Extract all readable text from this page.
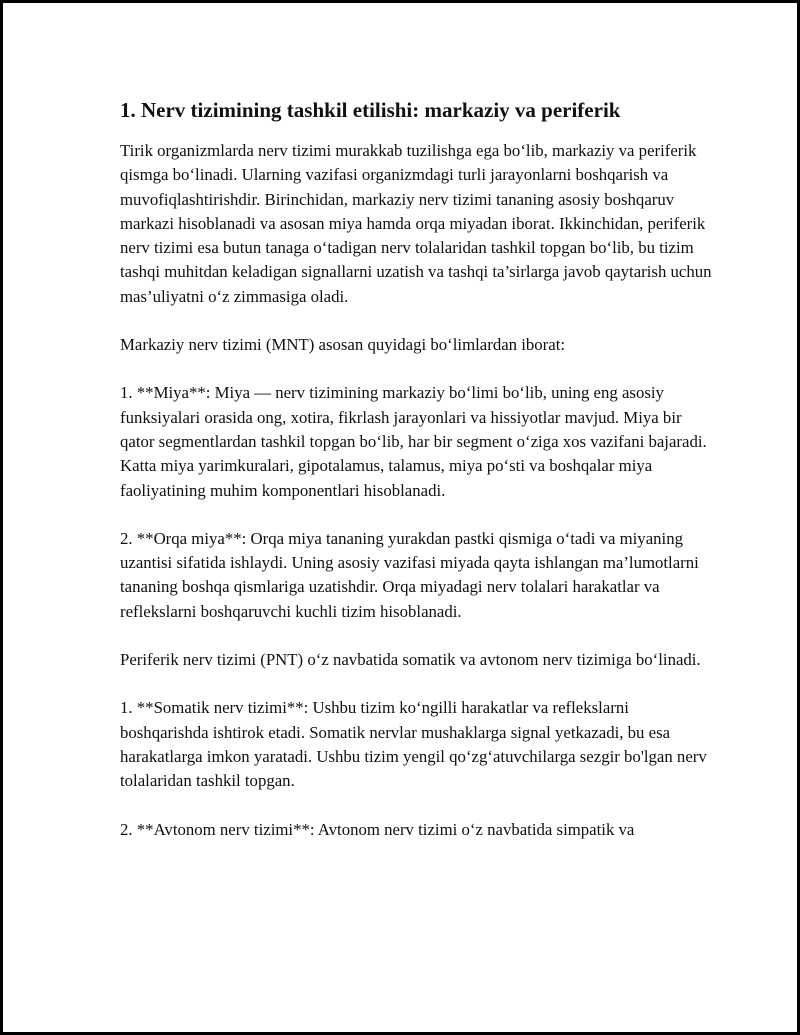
1. Nerv tizimining tashkil etilishi: markaziy va periferik

Tirik organizmlarda nerv tizimi murakkab tuzilishga ega bo‘lib, markaziy va periferik qismga bo‘linadi. Ularning vazifasi organizmdagi turli jarayonlarni boshqarish va muvofiqlashtirishdir. Birinchidan, markaziy nerv tizimi tananing asosiy boshqaruv markazi hisoblanadi va asosan miya hamda orqa miyadan iborat. Ikkinchidan, periferik nerv tizimi esa butun tanaga o‘tadigan nerv tolalaridan tashkil topgan bo‘lib, bu tizim tashqi muhitdan keladigan signallarni uzatish va tashqi ta’sirlarga javob qaytarish uchun mas’uliyatni o‘z zimmasiga oladi.

Markaziy nerv tizimi (MNT) asosan quyidagi bo‘limlardan iborat:

1. **Miya**: Miya — nerv tizimining markaziy bo‘limi bo‘lib, uning eng asosiy funksiyalari orasida ong, xotira, fikrlash jarayonlari va hissiyotlar mavjud. Miya bir qator segmentlardan tashkil topgan bo‘lib, har bir segment o‘ziga xos vazifani bajaradi. Katta miya yarimkuralari, gipotalamus, talamus, miya po‘sti va boshqalar miya faoliyatining muhim komponentlari hisoblanadi.

2. **Orqa miya**: Orqa miya tananing yurakdan pastki qismiga o‘tadi va miyaning uzantisi sifatida ishlaydi. Uning asosiy vazifasi miyada qayta ishlangan ma’lumotlarni tananing boshqa qismlariga uzatishdir. Orqa miyadagi nerv tolalari harakatlar va reflekslarni boshqaruvchi kuchli tizim hisoblanadi.

Periferik nerv tizimi (PNT) o‘z navbatida somatik va avtonom nerv tizimiga bo‘linadi.

1. **Somatik nerv tizimi**: Ushbu tizim ko‘ngilli harakatlar va reflekslarni boshqarishda ishtirok etadi. Somatik nervlar mushaklarga signal yetkazadi, bu esa harakatlarga imkon yaratadi. Ushbu tizim yengil qo‘zg‘atuvchilarga sezgir bo'lgan nerv tolalaridan tashkil topgan.

2. **Avtonom nerv tizimi**: Avtonom nerv tizimi o‘z navbatida simpatik va
